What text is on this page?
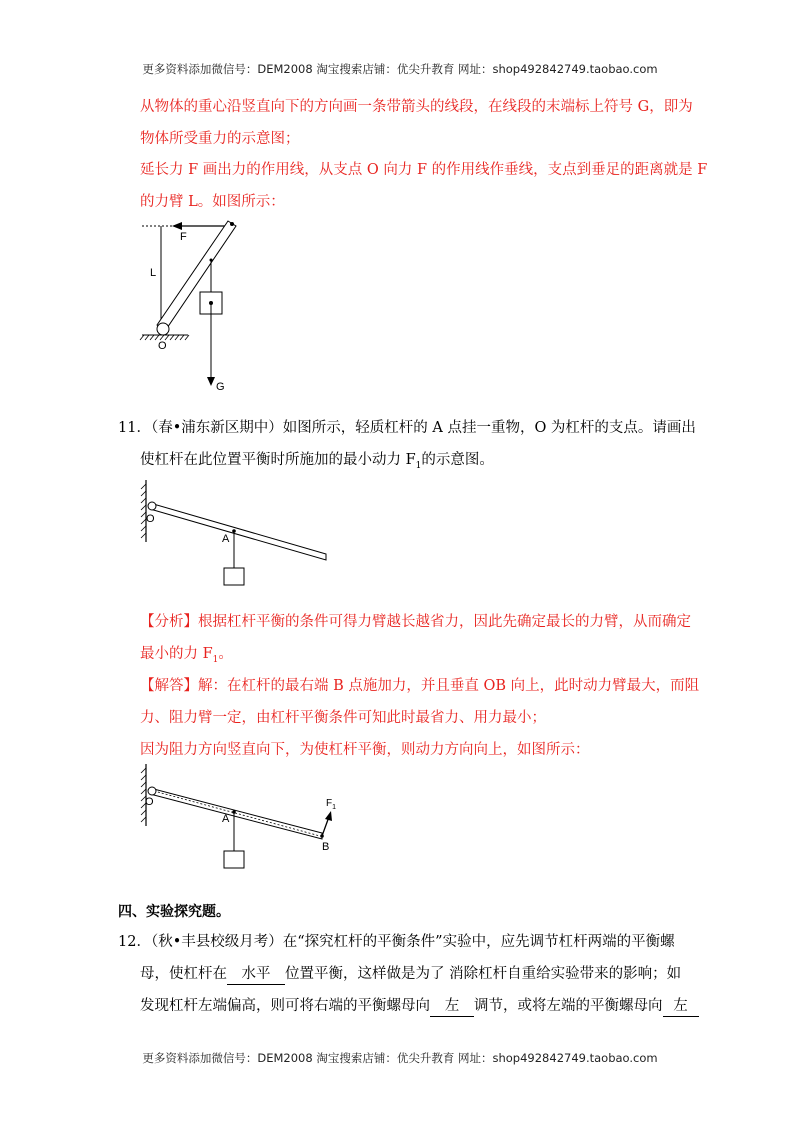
更多资料添加微信号：DEM2008 淘宝搜索店铺：优尖升教育 网址：shop492842749.taobao.com
从物体的重心沿竖直向下的方向画一条带箭头的线段，在线段的末端标上符号 G，即为
物体所受重力的示意图；
延长力 F 画出力的作用线，从支点 O 向力 F 的作用线作垂线，支点到垂足的距离就是 F
的力臂 L。如图所示：
F
L
O
G
11．（春•浦东新区期中）如图所示，轻质杠杆的 A 点挂一重物，O 为杠杆的支点。请画出
使杠杆在此位置平衡时所施加的最小动力 $F_1$的示意图。
O
A
【分析】根据杠杆平衡的条件可得力臂越长越省力，因此先确定最长的力臂，从而确定
最小的力 $F_1$。
【解答】解：在杠杆的最右端 B 点施加力，并且垂直 OB 向上，此时动力臂最大，而阻
力、阻力臂一定，由杠杆平衡条件可知此时最省力、用力最小；
因为阻力方向竖直向下，为使杠杆平衡，则动力方向向上，如图所示：
O
A
B
$F_1$
四、实验探究题。
12．（秋•丰县校级月考）在“探究杠杆的平衡条件”实验中，应先调节杠杆两端的平衡螺
母，使杠杆在 水平 位置平衡，这样做是为了 消除杠杆自重给实验带来的影响；如
发现杠杆左端偏高，则可将右端的平衡螺母向 左 调节，或将左端的平衡螺母向 左
更多资料添加微信号：DEM2008 淘宝搜索店铺：优尖升教育 网址：shop492842749.taobao.com
